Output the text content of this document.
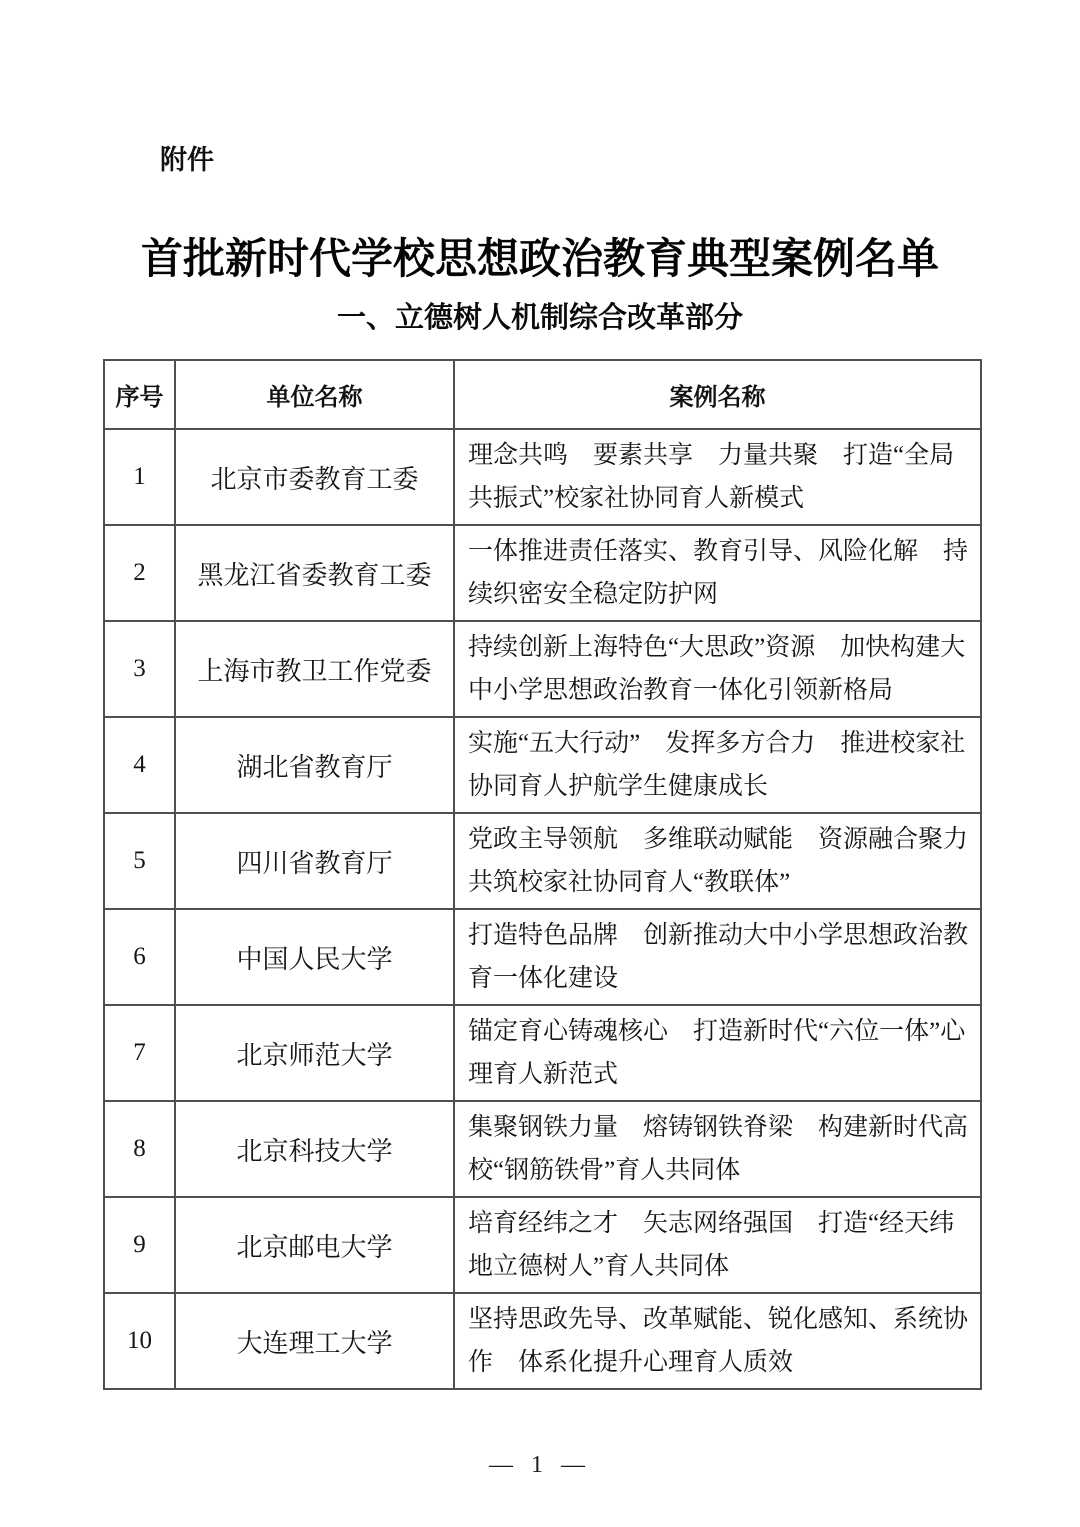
附件
首批新时代学校思想政治教育典型案例名单
一、立德树人机制综合改革部分
序号	单位名称	案例名称
1	北京市委教育工委	理念共鸣　要素共享　力量共聚　打造“全局共振式”校家社协同育人新模式
2	黑龙江省委教育工委	一体推进责任落实、教育引导、风险化解　持续织密安全稳定防护网
3	上海市教卫工作党委	持续创新上海特色“大思政”资源　加快构建大中小学思想政治教育一体化引领新格局
4	湖北省教育厅	实施“五大行动”　发挥多方合力　推进校家社协同育人护航学生健康成长
5	四川省教育厅	党政主导领航　多维联动赋能　资源融合聚力　共筑校家社协同育人“教联体”
6	中国人民大学	打造特色品牌　创新推动大中小学思想政治教育一体化建设
7	北京师范大学	锚定育心铸魂核心　打造新时代“六位一体”心理育人新范式
8	北京科技大学	集聚钢铁力量　熔铸钢铁脊梁　构建新时代高校“钢筋铁骨”育人共同体
9	北京邮电大学	培育经纬之才　矢志网络强国　打造“经天纬地立德树人”育人共同体
10	大连理工大学	坚持思政先导、改革赋能、锐化感知、系统协作　体系化提升心理育人质效
— 1 —
